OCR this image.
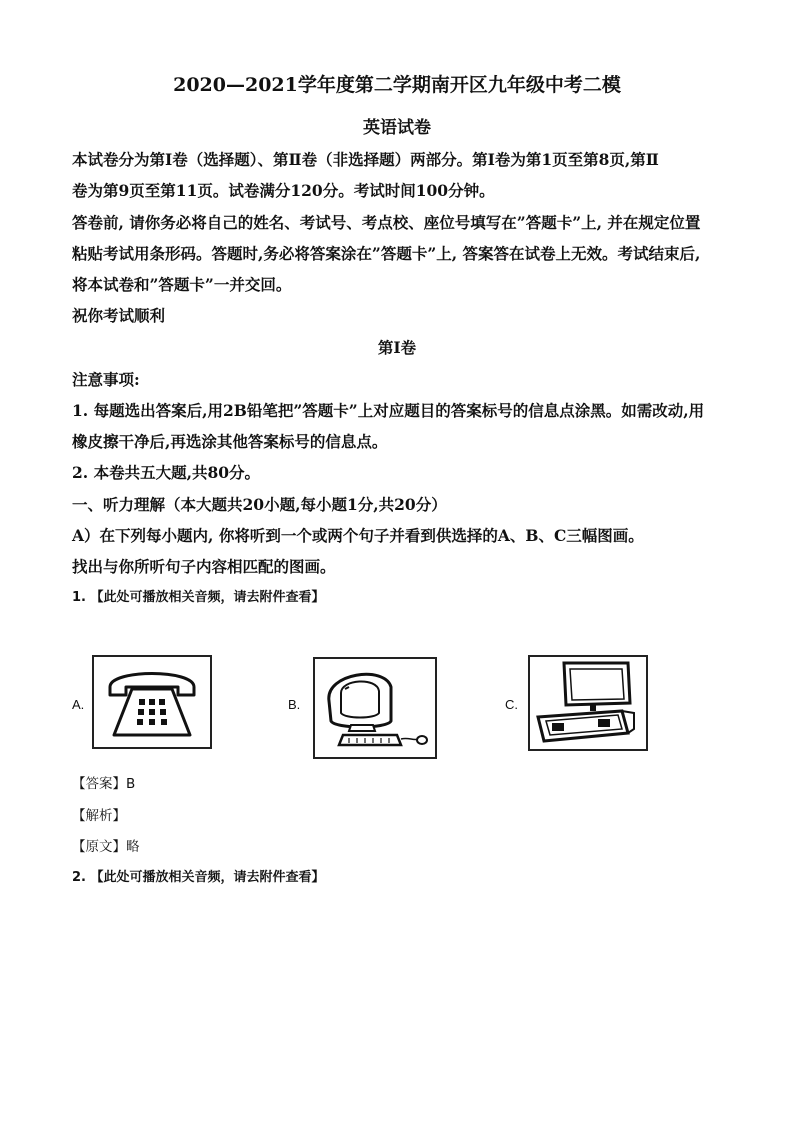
2020—2021学年度第二学期南开区九年级中考二模
英语试卷
本试卷分为第Ⅰ卷（选择题）、第Ⅱ卷（非选择题）两部分。第Ⅰ卷为第1页至第8页,第Ⅱ
卷为第9页至第11页。试卷满分120分。考试时间100分钟。
答卷前, 请你务必将自己的姓名、考试号、考点校、座位号填写在”答题卡”上, 并在规定位置
粘贴考试用条形码。答题时,务必将答案涂在”答题卡”上, 答案答在试卷上无效。考试结束后,
将本试卷和”答题卡”一并交回。
祝你考试顺利
第Ⅰ卷
注意事项:
1. 每题选出答案后,用2B铅笔把”答题卡”上对应题目的答案标号的信息点涂黑。如需改动,用
橡皮擦干净后,再选涂其他答案标号的信息点。
2. 本卷共五大题,共80分。
一、听力理解（本大题共20小题,每小题1分,共20分）
A）在下列每小题内, 你将听到一个或两个句子并看到供选择的A、B、C三幅图画。
找出与你所听句子内容相匹配的图画。
1. 【此处可播放相关音频，请去附件查看】
A.	B.	C.
【答案】B
【解析】
【原文】略
2. 【此处可播放相关音频，请去附件查看】
